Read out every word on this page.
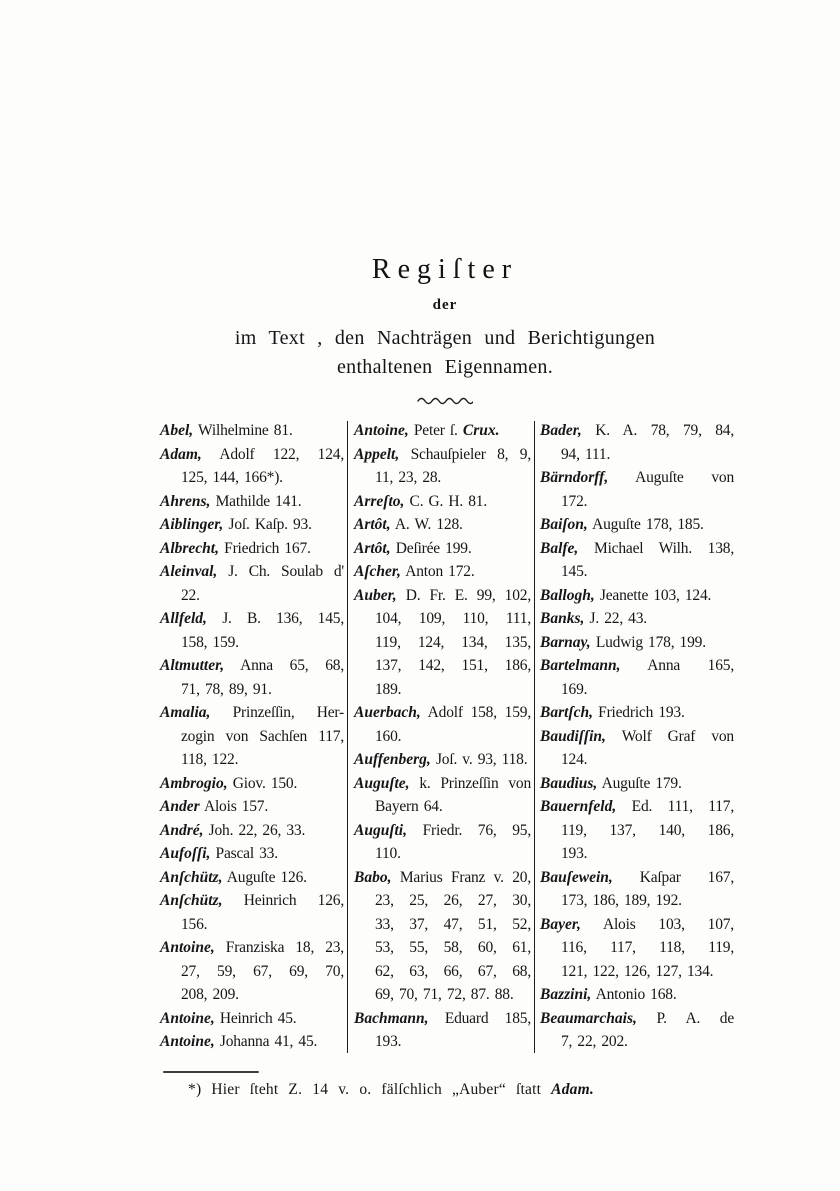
Regiſter
der
im Text , den Nachträgen und Berichtigungen
enthaltenen Eigennamen.
Abel, Wilhelmine 81.
Adam, Adolf 122, 124,
125, 144, 166*).
Ahrens, Mathilde 141.
Aiblinger, Joſ. Kaſp. 93.
Albrecht, Friedrich 167.
Aleinval, J. Ch. Soulab d'
22.
Allfeld, J. B. 136, 145,
158, 159.
Altmutter, Anna 65, 68,
71, 78, 89, 91.
Amalia, Prinzeſſin, Her-
zogin von Sachſen 117,
118, 122.
Ambrogio, Giov. 150.
Ander Alois 157.
André, Joh. 22, 26, 33.
Aufoſſi, Pascal 33.
Anſchütz, Auguſte 126.
Anſchütz, Heinrich 126,
156.
Antoine, Franziska 18, 23,
27, 59, 67, 69, 70,
208, 209.
Antoine, Heinrich 45.
Antoine, Johanna 41, 45.
Antoine, Peter ſ. Crux.
Appelt, Schauſpieler 8, 9,
11, 23, 28.
Arreſto, C. G. H. 81.
Artôt, A. W. 128.
Artôt, Deſirée 199.
Aſcher, Anton 172.
Auber, D. Fr. E. 99, 102,
104, 109, 110, 111,
119, 124, 134, 135,
137, 142, 151, 186,
189.
Auerbach, Adolf 158, 159,
160.
Auffenberg, Joſ. v. 93, 118.
Auguſte, k. Prinzeſſin von
Bayern 64.
Auguſti, Friedr. 76, 95,
110.
Babo, Marius Franz v. 20,
23, 25, 26, 27, 30,
33, 37, 47, 51, 52,
53, 55, 58, 60, 61,
62, 63, 66, 67, 68,
69, 70, 71, 72, 87. 88.
Bachmann, Eduard 185,
193.
Bader, K. A. 78, 79, 84,
94, 111.
Bärndorff, Auguſte von
172.
Baiſon, Auguſte 178, 185.
Balfe, Michael Wilh. 138,
145.
Ballogh, Jeanette 103, 124.
Banks, J. 22, 43.
Barnay, Ludwig 178, 199.
Bartelmann, Anna 165,
169.
Bartſch, Friedrich 193.
Baudiſſin, Wolf Graf von
124.
Baudius, Auguſte 179.
Bauernfeld, Ed. 111, 117,
119, 137, 140, 186,
193.
Bauſewein, Kaſpar 167,
173, 186, 189, 192.
Bayer, Alois 103, 107,
116, 117, 118, 119,
121, 122, 126, 127, 134.
Bazzini, Antonio 168.
Beaumarchais, P. A. de
7, 22, 202.
*) Hier ſteht Z. 14 v. o. fälſchlich „Auber“ ſtatt Adam.
